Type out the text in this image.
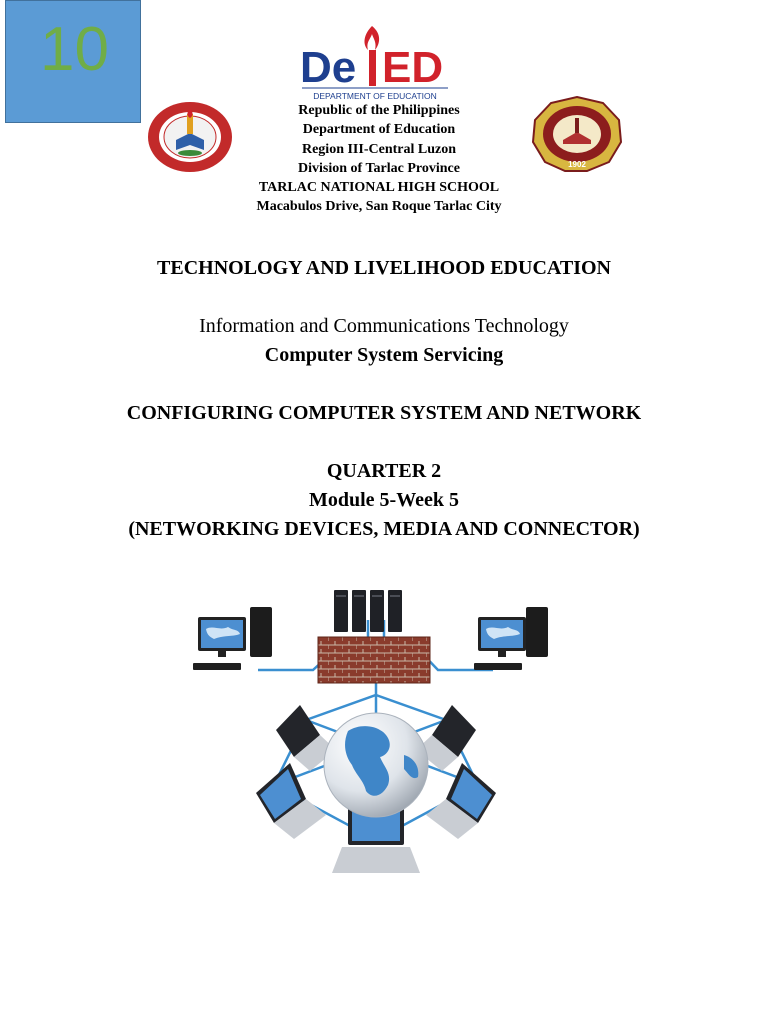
10	De ED
DEPARTMENT OF EDUCATION
1902
Republic of the Philippines
Department of Education
Region III-Central Luzon
Division of Tarlac Province
TARLAC NATIONAL HIGH SCHOOL
Macabulos Drive, San Roque Tarlac City
TECHNOLOGY AND LIVELIHOOD EDUCATION
Information and Communications Technology
Computer System Servicing
CONFIGURING COMPUTER SYSTEM AND NETWORK
QUARTER 2
Module 5-Week 5
(NETWORKING DEVICES, MEDIA AND CONNECTOR)
